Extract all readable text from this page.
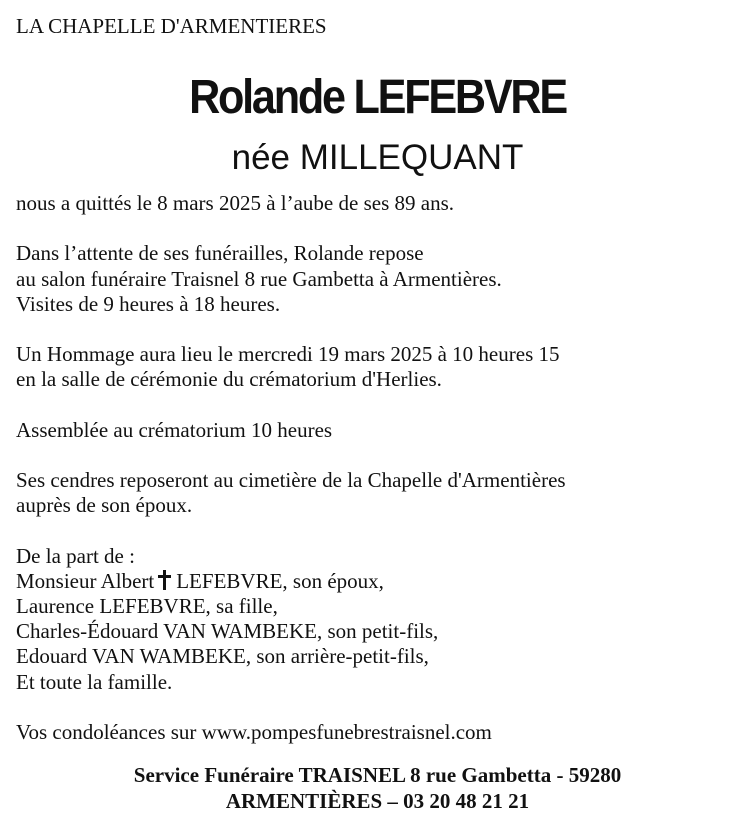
LA CHAPELLE D'ARMENTIERES
Rolande LEFEBVRE
née MILLEQUANT
nous a quittés le 8 mars 2025 à l’aube de ses 89 ans.
Dans l’attente de ses funérailles, Rolande repose
au salon funéraire Traisnel 8 rue Gambetta à Armentières.
Visites de 9 heures à 18 heures.
Un Hommage aura lieu le mercredi 19 mars 2025 à 10 heures 15
en la salle de cérémonie du crématorium d'Herlies.
Assemblée au crématorium 10 heures
Ses cendres reposeront au cimetière de la Chapelle d'Armentières
auprès de son époux.
De la part de :
Monsieur Albert LEFEBVRE, son époux,
Laurence LEFEBVRE, sa fille,
Charles-Édouard VAN WAMBEKE, son petit-fils,
Edouard VAN WAMBEKE, son arrière-petit-fils,
Et toute la famille.
Vos condoléances sur www.pompesfunebrestraisnel.com
Service Funéraire TRAISNEL 8 rue Gambetta - 59280
ARMENTIÈRES – 03 20 48 21 21
